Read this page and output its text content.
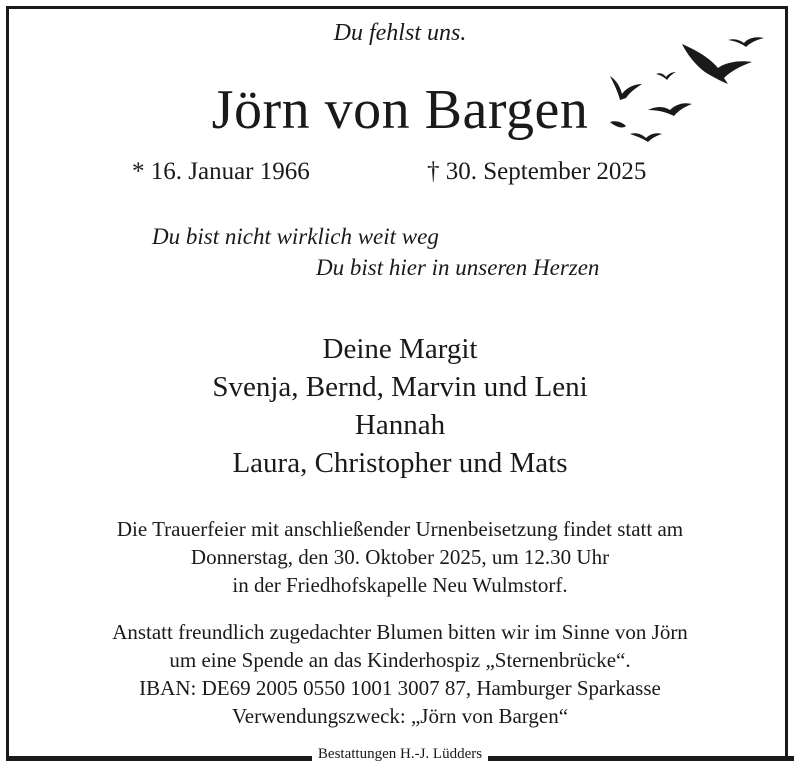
Du fehlst uns.
Jörn von Bargen
* 16. Januar 1966	† 30. September 2025
Du bist nicht wirklich weit weg
Du bist hier in unseren Herzen
Deine Margit
Svenja, Bernd, Marvin und Leni
Hannah
Laura, Christopher und Mats
Die Trauerfeier mit anschließender Urnenbeisetzung findet statt am
Donnerstag, den 30. Oktober 2025, um 12.30 Uhr
in der Friedhofskapelle Neu Wulmstorf.
Anstatt freundlich zugedachter Blumen bitten wir im Sinne von Jörn
um eine Spende an das Kinderhospiz „Sternenbrücke“.
IBAN: DE69 2005 0550 1001 3007 87, Hamburger Sparkasse
Verwendungszweck: „Jörn von Bargen“
Bestattungen H.-J. Lüdders
